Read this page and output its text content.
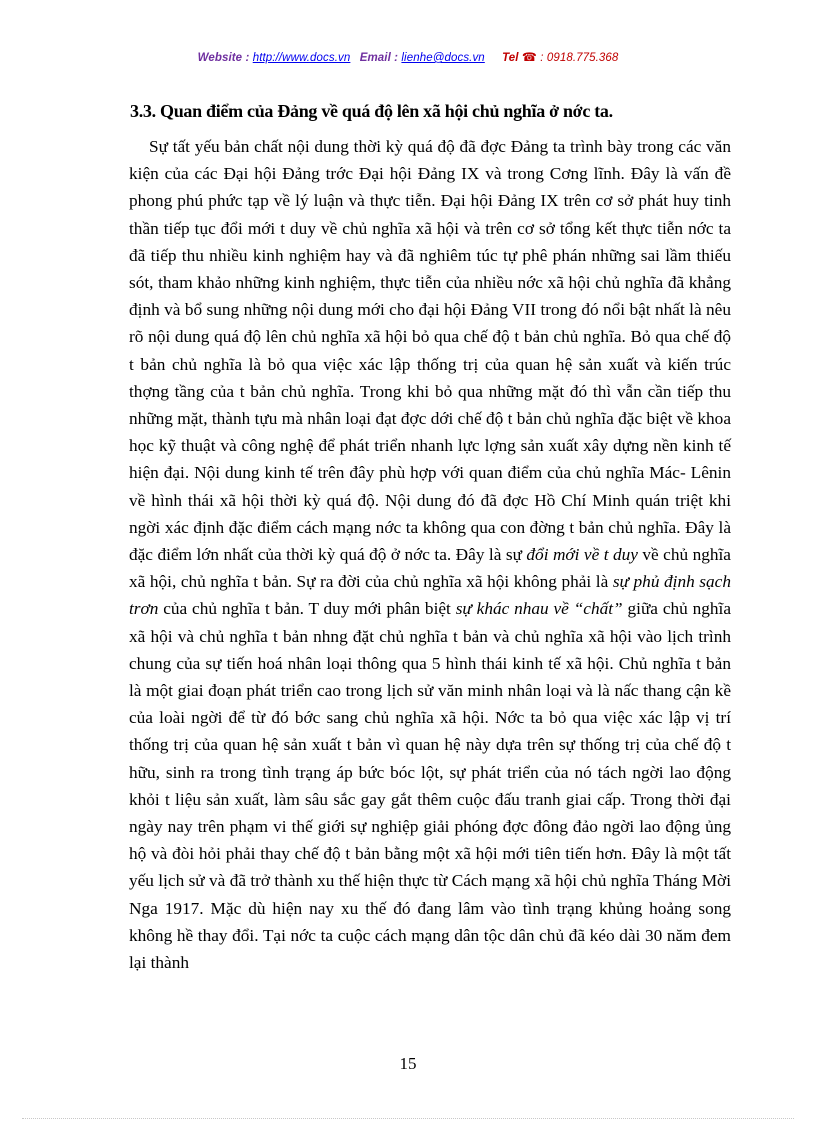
Website : http://www.docs.vn Email : lienhe@docs.vn Tel ☎ : 0918.775.368
3.3. Quan điểm của Đảng về quá độ lên xã hội chủ nghĩa ở nớc ta.

Sự tất yếu bản chất nội dung thời kỳ quá độ đã đợc Đảng ta trình bày trong các văn kiện của các Đại hội Đảng trớc Đại hội Đảng IX và trong Cơng lĩnh. Đây là vấn đề phong phú phức tạp về lý luận và thực tiễn. Đại hội Đảng IX trên cơ sở phát huy tinh thần tiếp tục đổi mới t duy về chủ nghĩa xã hội và trên cơ sở tổng kết thực tiễn nớc ta đã tiếp thu nhiều kinh nghiệm hay và đã nghiêm túc tự phê phán những sai lầm thiếu sót, tham khảo những kinh nghiệm, thực tiễn của nhiều nớc xã hội chủ nghĩa đã khẳng định và bổ sung những nội dung mới cho đại hội Đảng VII trong đó nổi bật nhất là nêu rõ nội dung quá độ lên chủ nghĩa xã hội bỏ qua chế độ t bản chủ nghĩa. Bỏ qua chế độ t bản chủ nghĩa là bỏ qua việc xác lập thống trị của quan hệ sản xuất và kiến trúc thợng tầng của t bản chủ nghĩa. Trong khi bỏ qua những mặt đó thì vẫn cần tiếp thu những mặt, thành tựu mà nhân loại đạt đợc dới chế độ t bản chủ nghĩa đặc biệt về khoa học kỹ thuật và công nghệ để phát triển nhanh lực lợng sản xuất xây dựng nền kinh tế hiện đại. Nội dung kinh tế trên đây phù hợp với quan điểm của chủ nghĩa Mác- Lênin về hình thái xã hội thời kỳ quá độ. Nội dung đó đã đợc Hồ Chí Minh quán triệt khi ngời xác định đặc điểm cách mạng nớc ta không qua con đờng t bản chủ nghĩa. Đây là đặc điểm lớn nhất của thời kỳ quá độ ở nớc ta. Đây là sự đổi mới về t duy về chủ nghĩa xã hội, chủ nghĩa t bản. Sự ra đời của chủ nghĩa xã hội không phải là sự phủ định sạch trơn của chủ nghĩa t bản. T duy mới phân biệt sự khác nhau về “chất” giữa chủ nghĩa xã hội và chủ nghĩa t bản nhng đặt chủ nghĩa t bản và chủ nghĩa xã hội vào lịch trình chung của sự tiến hoá nhân loại thông qua 5 hình thái kinh tế xã hội. Chủ nghĩa t bản là một giai đoạn phát triển cao trong lịch sử văn minh nhân loại và là nấc thang cận kề của loài ngời để từ đó bớc sang chủ nghĩa xã hội. Nớc ta bỏ qua việc xác lập vị trí thống trị của quan hệ sản xuất t bản vì quan hệ này dựa trên sự thống trị của chế độ t hữu, sinh ra trong tình trạng áp bức bóc lột, sự phát triển của nó tách ngời lao động khỏi t liệu sản xuất, làm sâu sắc gay gắt thêm cuộc đấu tranh giai cấp. Trong thời đại ngày nay trên phạm vi thế giới sự nghiệp giải phóng đợc đông đảo ngời lao động ủng hộ và đòi hỏi phải thay chế độ t bản bằng một xã hội mới tiên tiến hơn. Đây là một tất yếu lịch sử và đã trở thành xu thế hiện thực từ Cách mạng xã hội chủ nghĩa Tháng Mời Nga 1917. Mặc dù hiện nay xu thế đó đang lâm vào tình trạng khủng hoảng song không hề thay đổi. Tại nớc ta cuộc cách mạng dân tộc dân chủ đã kéo dài 30 năm đem lại thành

15
